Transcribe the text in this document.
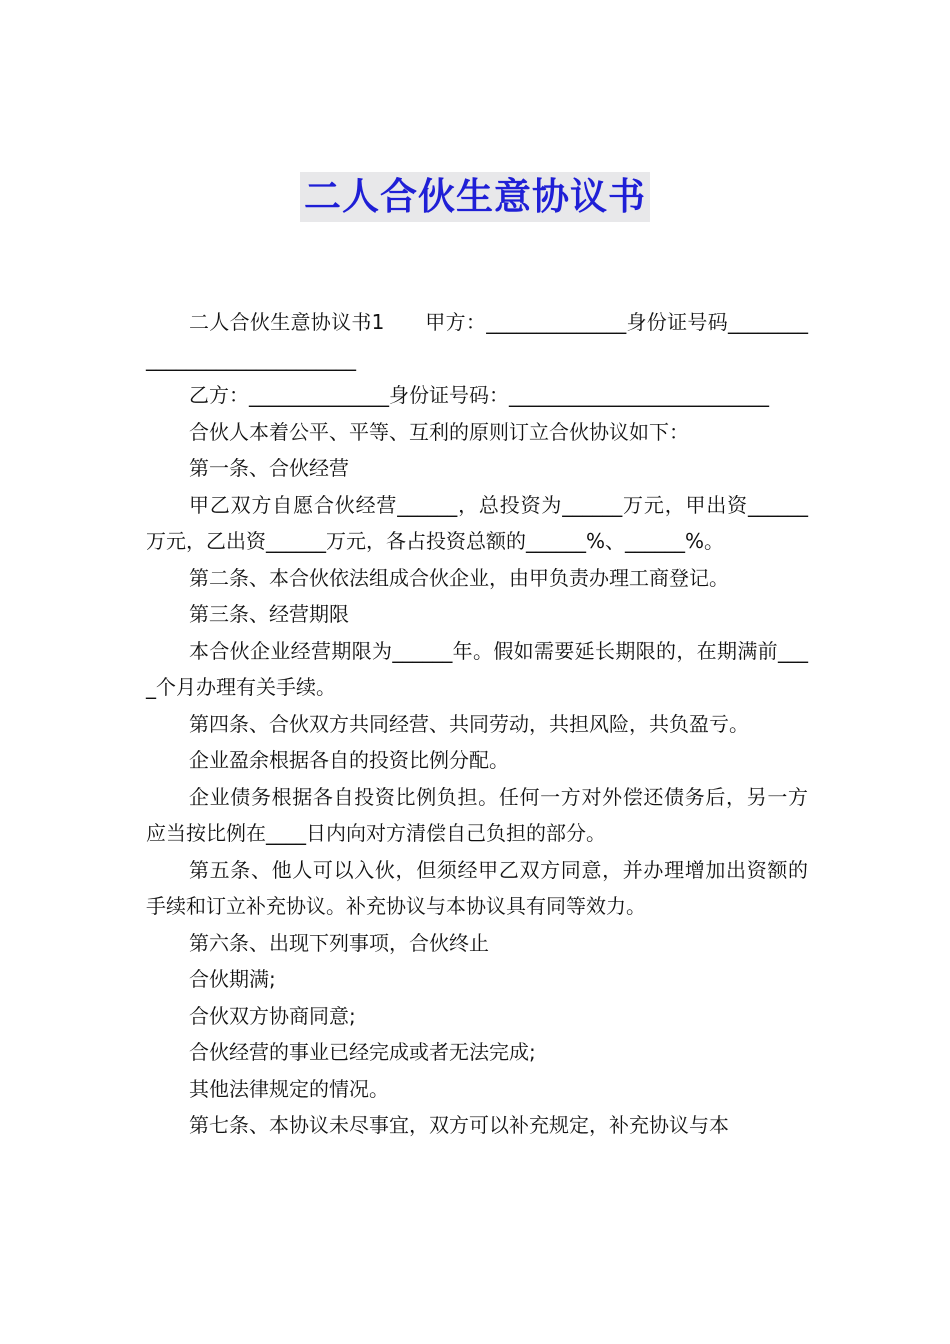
二人合伙生意协议书

二人合伙生意协议书1　　甲方：______________身份证号码_____________________________

乙方：______________身份证号码：__________________________

合伙人本着公平、平等、互利的原则订立合伙协议如下：

第一条、合伙经营

甲乙双方自愿合伙经营______，总投资为______万元，甲出资______万元，乙出资______万元，各占投资总额的______%、______%。

第二条、本合伙依法组成合伙企业，由甲负责办理工商登记。

第三条、经营期限

本合伙企业经营期限为______年。假如需要延长期限的，在期满前____个月办理有关手续。

第四条、合伙双方共同经营、共同劳动，共担风险，共负盈亏。

企业盈余根据各自的投资比例分配。

企业债务根据各自投资比例负担。任何一方对外偿还债务后，另一方应当按比例在____日内向对方清偿自己负担的部分。

第五条、他人可以入伙，但须经甲乙双方同意，并办理增加出资额的手续和订立补充协议。补充协议与本协议具有同等效力。

第六条、出现下列事项，合伙终止

合伙期满;

合伙双方协商同意;

合伙经营的事业已经完成或者无法完成;

其他法律规定的情况。

第七条、本协议未尽事宜，双方可以补充规定，补充协议与本
